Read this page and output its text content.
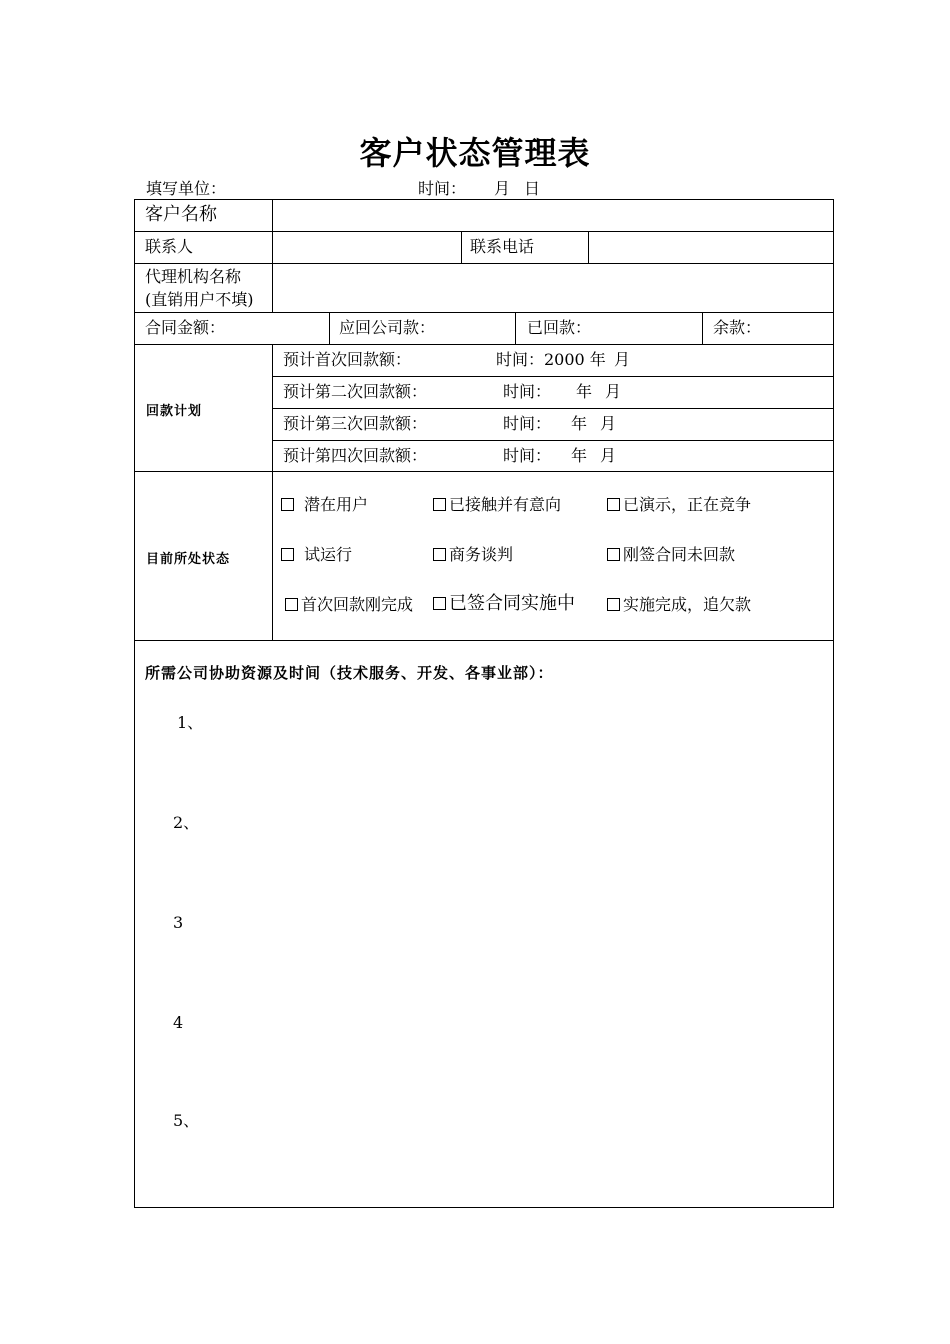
客户状态管理表
填写单位：	时间： 月 日
客户名称
联系人	联系电话
代理机构名称
(直销用户不填)
合同金额：	应回公司款：	已回款：	余款：
回款计划
预计首次回款额：	时间：2000 年 月
预计第二次回款额：	时间： 年 月
预计第三次回款额：	时间： 年 月
预计第四次回款额：	时间： 年 月
目前所处状态
潜在用户	已接触并有意向	已演示，正在竞争
试运行	商务谈判	刚签合同未回款
首次回款刚完成	已签合同实施中	实施完成，追欠款
所需公司协助资源及时间（技术服务、开发、各事业部）：
1、
2、
3
4
5、
